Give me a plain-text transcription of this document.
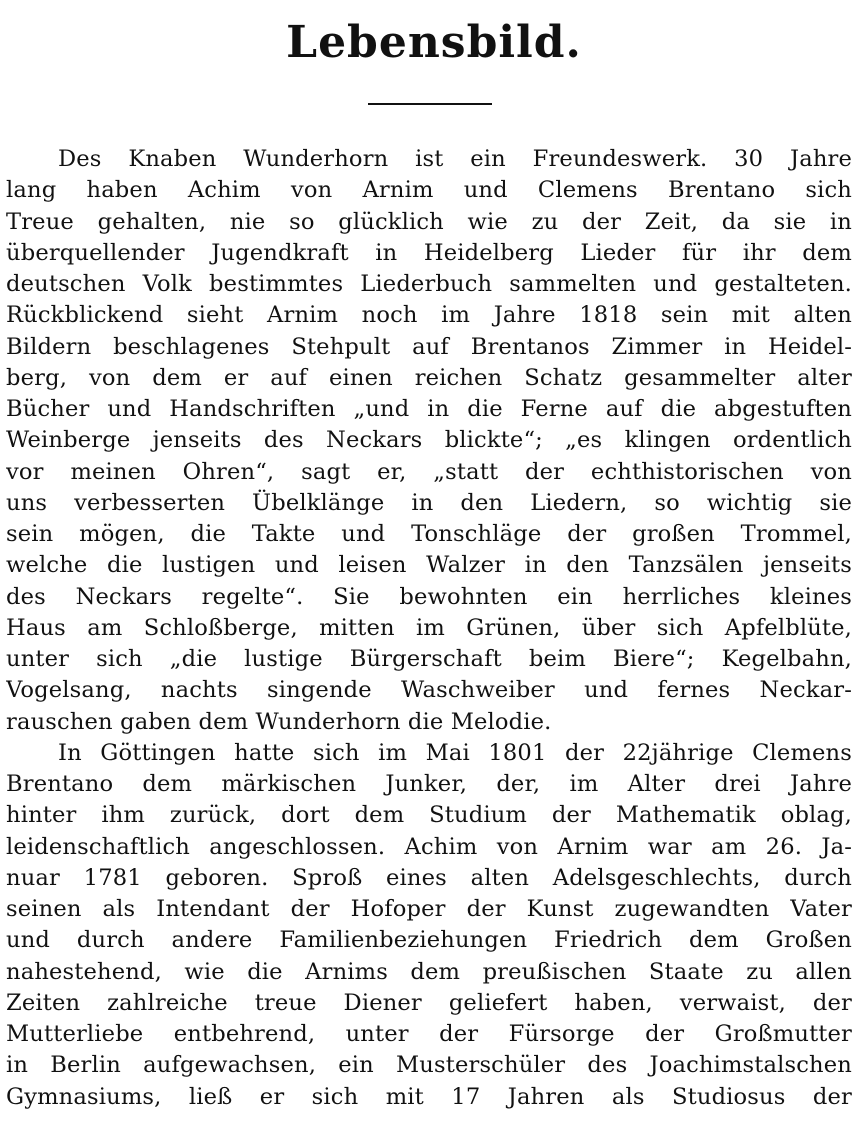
Lebensbild.
Des Knaben Wunderhorn ist ein Freundeswerk. 30 Jahre
lang haben Achim von Arnim und Clemens Brentano sich
Treue gehalten, nie so glücklich wie zu der Zeit, da sie in
überquellender Jugendkraft in Heidelberg Lieder für ihr dem
deutschen Volk bestimmtes Liederbuch sammelten und gestalteten.
Rückblickend sieht Arnim noch im Jahre 1818 sein mit alten
Bildern beschlagenes Stehpult auf Brentanos Zimmer in Heidel-
berg, von dem er auf einen reichen Schatz gesammelter alter
Bücher und Handschriften „und in die Ferne auf die abgestuften
Weinberge jenseits des Neckars blickte“; „es klingen ordentlich
vor meinen Ohren“, sagt er, „statt der echthistorischen von
uns verbesserten Übelklänge in den Liedern, so wichtig sie
sein mögen, die Takte und Tonschläge der großen Trommel,
welche die lustigen und leisen Walzer in den Tanzsälen jenseits
des Neckars regelte“. Sie bewohnten ein herrliches kleines
Haus am Schloßberge, mitten im Grünen, über sich Apfelblüte,
unter sich „die lustige Bürgerschaft beim Biere“; Kegelbahn,
Vogelsang, nachts singende Waschweiber und fernes Neckar-
rauschen gaben dem Wunderhorn die Melodie.
In Göttingen hatte sich im Mai 1801 der 22jährige Clemens
Brentano dem märkischen Junker, der, im Alter drei Jahre
hinter ihm zurück, dort dem Studium der Mathematik oblag,
leidenschaftlich angeschlossen. Achim von Arnim war am 26. Ja-
nuar 1781 geboren. Sproß eines alten Adelsgeschlechts, durch
seinen als Intendant der Hofoper der Kunst zugewandten Vater
und durch andere Familienbeziehungen Friedrich dem Großen
nahestehend, wie die Arnims dem preußischen Staate zu allen
Zeiten zahlreiche treue Diener geliefert haben, verwaist, der
Mutterliebe entbehrend, unter der Fürsorge der Großmutter
in Berlin aufgewachsen, ein Musterschüler des Joachimstalschen
Gymnasiums, ließ er sich mit 17 Jahren als Studiosus der
